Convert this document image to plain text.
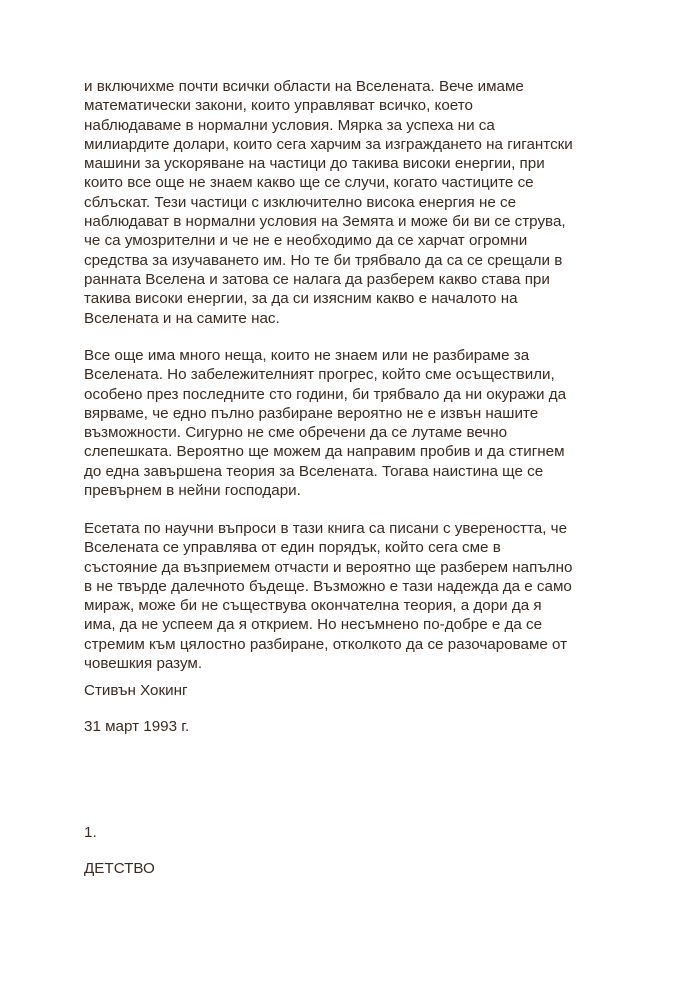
и включихме почти всички области на Вселената. Вече имаме
математически закони, които управляват всичко, което
наблюдаваме в нормални условия. Мярка за успеха ни са
милиардите долари, които сега харчим за изграждането на гигантски
машини за ускоряване на частици до такива високи енергии, при
които все още не знаем какво ще се случи, когато частиците се
сблъскат. Тези частици с изключително висока енергия не се
наблюдават в нормални условия на Земята и може би ви се струва,
че са умозрителни и че не е необходимо да се харчат огромни
средства за изучаването им. Но те би трябвало да са се срещали в
ранната Вселена и затова се налага да разберем какво става при
такива високи енергии, за да си изясним какво е началото на
Вселената и на самите нас.
Все още има много неща, които не знаем или не разбираме за
Вселената. Но забележителният прогрес, който сме осъществили,
особено през последните сто години, би трябвало да ни окуражи да
вярваме, че едно пълно разбиране вероятно не е извън нашите
възможности. Сигурно не сме обречени да се лутаме вечно
слепешката. Вероятно ще можем да направим пробив и да стигнем
до една завършена теория за Вселената. Тогава наистина ще се
превърнем в нейни господари.
Есетата по научни въпроси в тази книга са писани с увереността, че
Вселената се управлява от един порядък, който сега сме в
състояние да възприемем отчасти и вероятно ще разберем напълно
в не твърде далечното бъдеще. Възможно е тази надежда да е само
мираж, може би не съществува окончателна теория, а дори да я
има, да не успеем да я открием. Но несъмнено по-добре е да се
стремим към цялостно разбиране, отколкото да се разочароваме от
човешкия разум.
Стивън Хокинг
31 март 1993 г.
1.
ДЕТСТВО
